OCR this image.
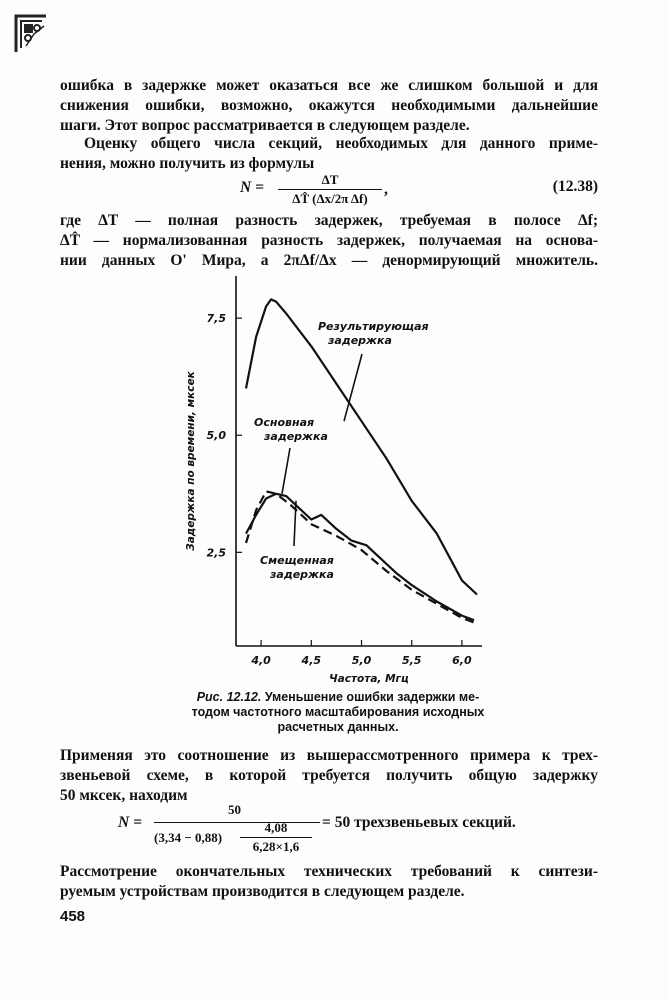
ошибка в задержке может оказаться все же слишком большой и для
снижения ошибки, возможно, окажутся необходимыми дальнейшие
шаги. Этот вопрос рассматривается в следующем разделе.
Оценку общего числа секций, необходимых для данного приме-
нения, можно получить из формулы
$N = \frac{\Delta T}{\text{ΔT̂ (Δx/2π Δf)}}$ ,	(12.38)
где ΔT — полная разность задержек, требуемая в полосе Δf;
ΔT̂ — нормализованная разность задержек, получаемая на основа-
нии данных О' Мира, а 2πΔf/Δx — денормирующий множитель.
4,0	4,5	5,0	5,5	6,0
2,5
5,0
7,5
Частота, Мгц
Задержка по времени, мксек
Результирующая
задержка
Основная
задержка
Смещенная
задержка
Рис. 12.12. Уменьшение ошибки задержки ме-
тодом частотного масштабирования исходных
расчетных данных.
Применяя это соотношение из вышерассмотренного примера к трех-
звеньевой схеме, в которой требуется получить общую задержку
50 мксек, находим
N =
50
$(3,34 - 0,88) \frac{4,08}{6,28\times 1,6} = 50$ трехзвеньевых секций.
Рассмотрение окончательных технических требований к синтези-
руемым устройствам производится в следующем разделе.
458
